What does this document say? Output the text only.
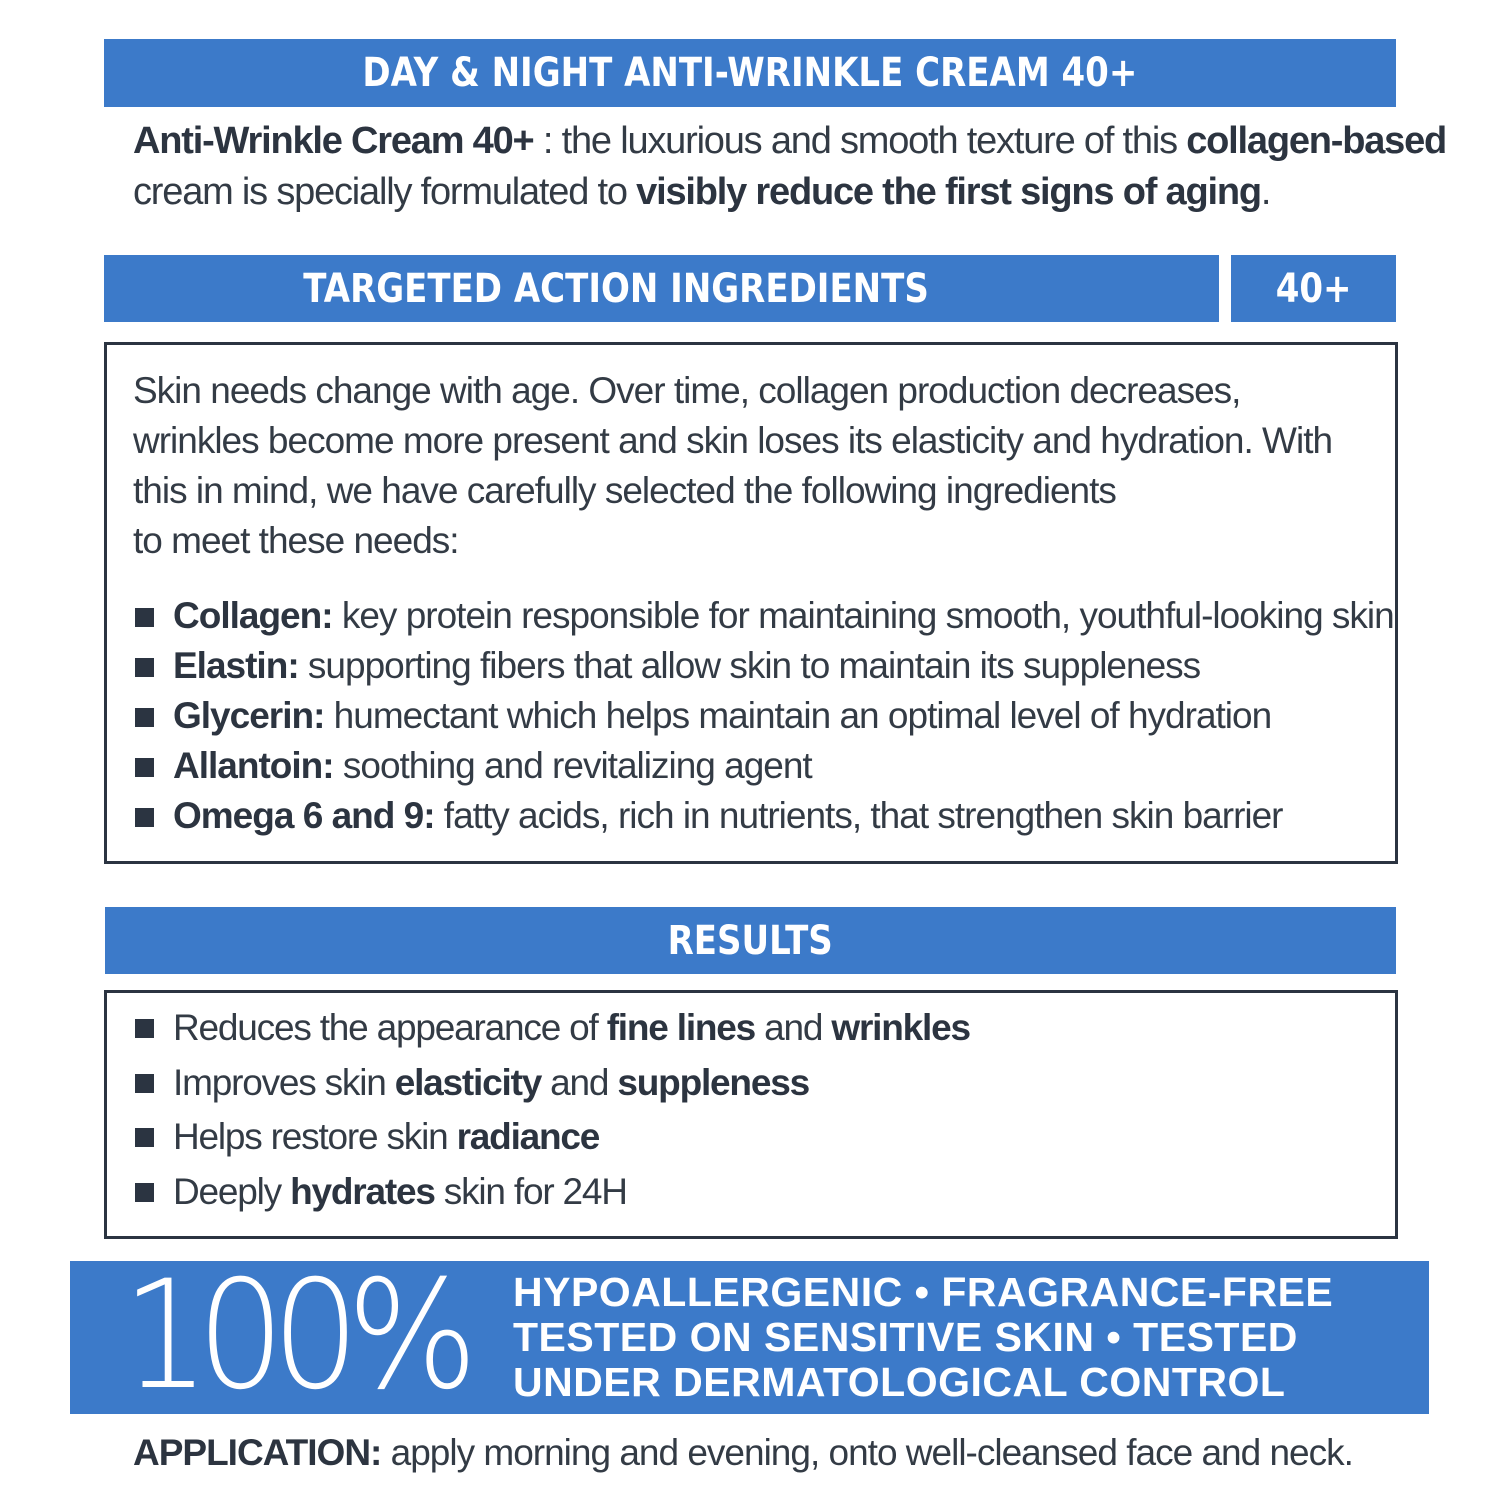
DAY & NIGHT ANTI-WRINKLE CREAM 40+
Anti-Wrinkle Cream 40+ : the luxurious and smooth texture of this collagen-based
cream is specially formulated to visibly reduce the first signs of aging.
TARGETED ACTION INGREDIENTS	40+
Skin needs change with age. Over time, collagen production decreases,
wrinkles become more present and skin loses its elasticity and hydration. With
this in mind, we have carefully selected the following ingredients
to meet these needs:
Collagen: key protein responsible for maintaining smooth, youthful-looking skin
Elastin: supporting fibers that allow skin to maintain its suppleness
Glycerin: humectant which helps maintain an optimal level of hydration
Allantoin: soothing and revitalizing agent
Omega 6 and 9: fatty acids, rich in nutrients, that strengthen skin barrier
RESULTS
Reduces the appearance of fine lines and wrinkles
Improves skin elasticity and suppleness
Helps restore skin radiance
Deeply hydrates skin for 24H
100% HYPOALLERGENIC • FRAGRANCE-FREE
TESTED ON SENSITIVE SKIN • TESTED
UNDER DERMATOLOGICAL CONTROL
APPLICATION: apply morning and evening, onto well-cleansed face and neck.
